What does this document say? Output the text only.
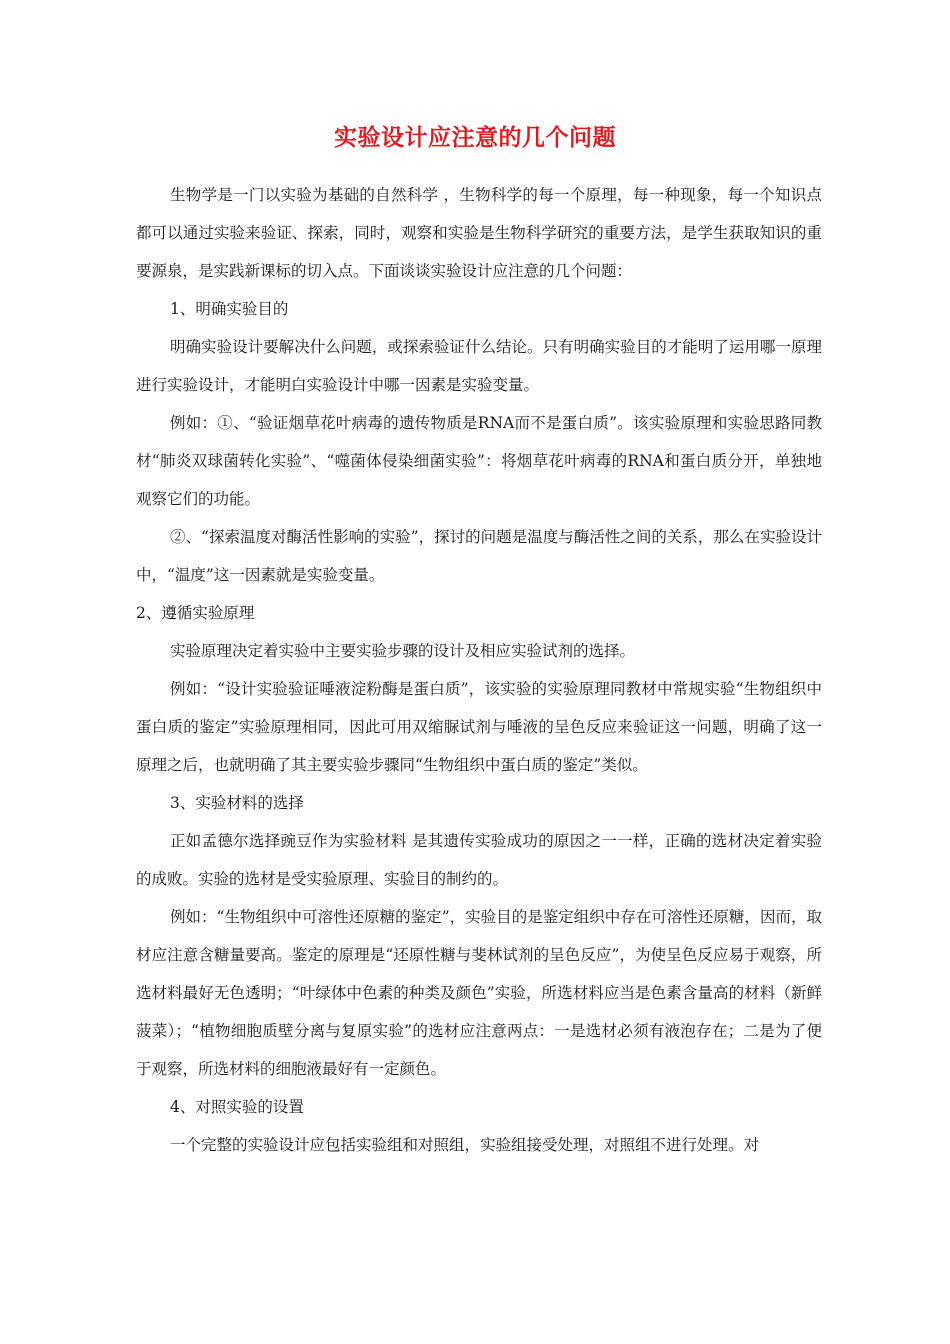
实验设计应注意的几个问题

生物学是一门以实验为基础的自然科学 ，生物科学的每一个原理，每一种现象，每一个知识点都可以通过实验来验证、探索，同时，观察和实验是生物科学研究的重要方法，是学生获取知识的重要源泉，是实践新课标的切入点。下面谈谈实验设计应注意的几个问题：

1、明确实验目的

明确实验设计要解决什么问题，或探索验证什么结论。只有明确实验目的才能明了运用哪一原理进行实验设计，才能明白实验设计中哪一因素是实验变量。

例如：①、“验证烟草花叶病毒的遗传物质是RNA而不是蛋白质”。该实验原理和实验思路同教材“肺炎双球菌转化实验”、“噬菌体侵染细菌实验”：将烟草花叶病毒的RNA和蛋白质分开，单独地观察它们的功能。

②、“探索温度对酶活性影响的实验”，探讨的问题是温度与酶活性之间的关系，那么在实验设计中，“温度”这一因素就是实验变量。

2、遵循实验原理

实验原理决定着实验中主要实验步骤的设计及相应实验试剂的选择。

例如：“设计实验验证唾液淀粉酶是蛋白质”，该实验的实验原理同教材中常规实验“生物组织中蛋白质的鉴定”实验原理相同，因此可用双缩脲试剂与唾液的呈色反应来验证这一问题，明确了这一原理之后，也就明确了其主要实验步骤同“生物组织中蛋白质的鉴定”类似。

3、实验材料的选择

正如孟德尔选择豌豆作为实验材料 是其遗传实验成功的原因之一一样，正确的选材决定着实验的成败。实验的选材是受实验原理、实验目的制约的。

例如：“生物组织中可溶性还原糖的鉴定”，实验目的是鉴定组织中存在可溶性还原糖，因而，取材应注意含糖量要高。鉴定的原理是“还原性糖与斐林试剂的呈色反应”，为使呈色反应易于观察，所选材料最好无色透明；“叶绿体中色素的种类及颜色”实验，所选材料应当是色素含量高的材料（新鲜菠菜）；“植物细胞质壁分离与复原实验”的选材应注意两点：一是选材必须有液泡存在；二是为了便于观察，所选材料的细胞液最好有一定颜色。

4、对照实验的设置

一个完整的实验设计应包括实验组和对照组，实验组接受处理，对照组不进行处理。对
